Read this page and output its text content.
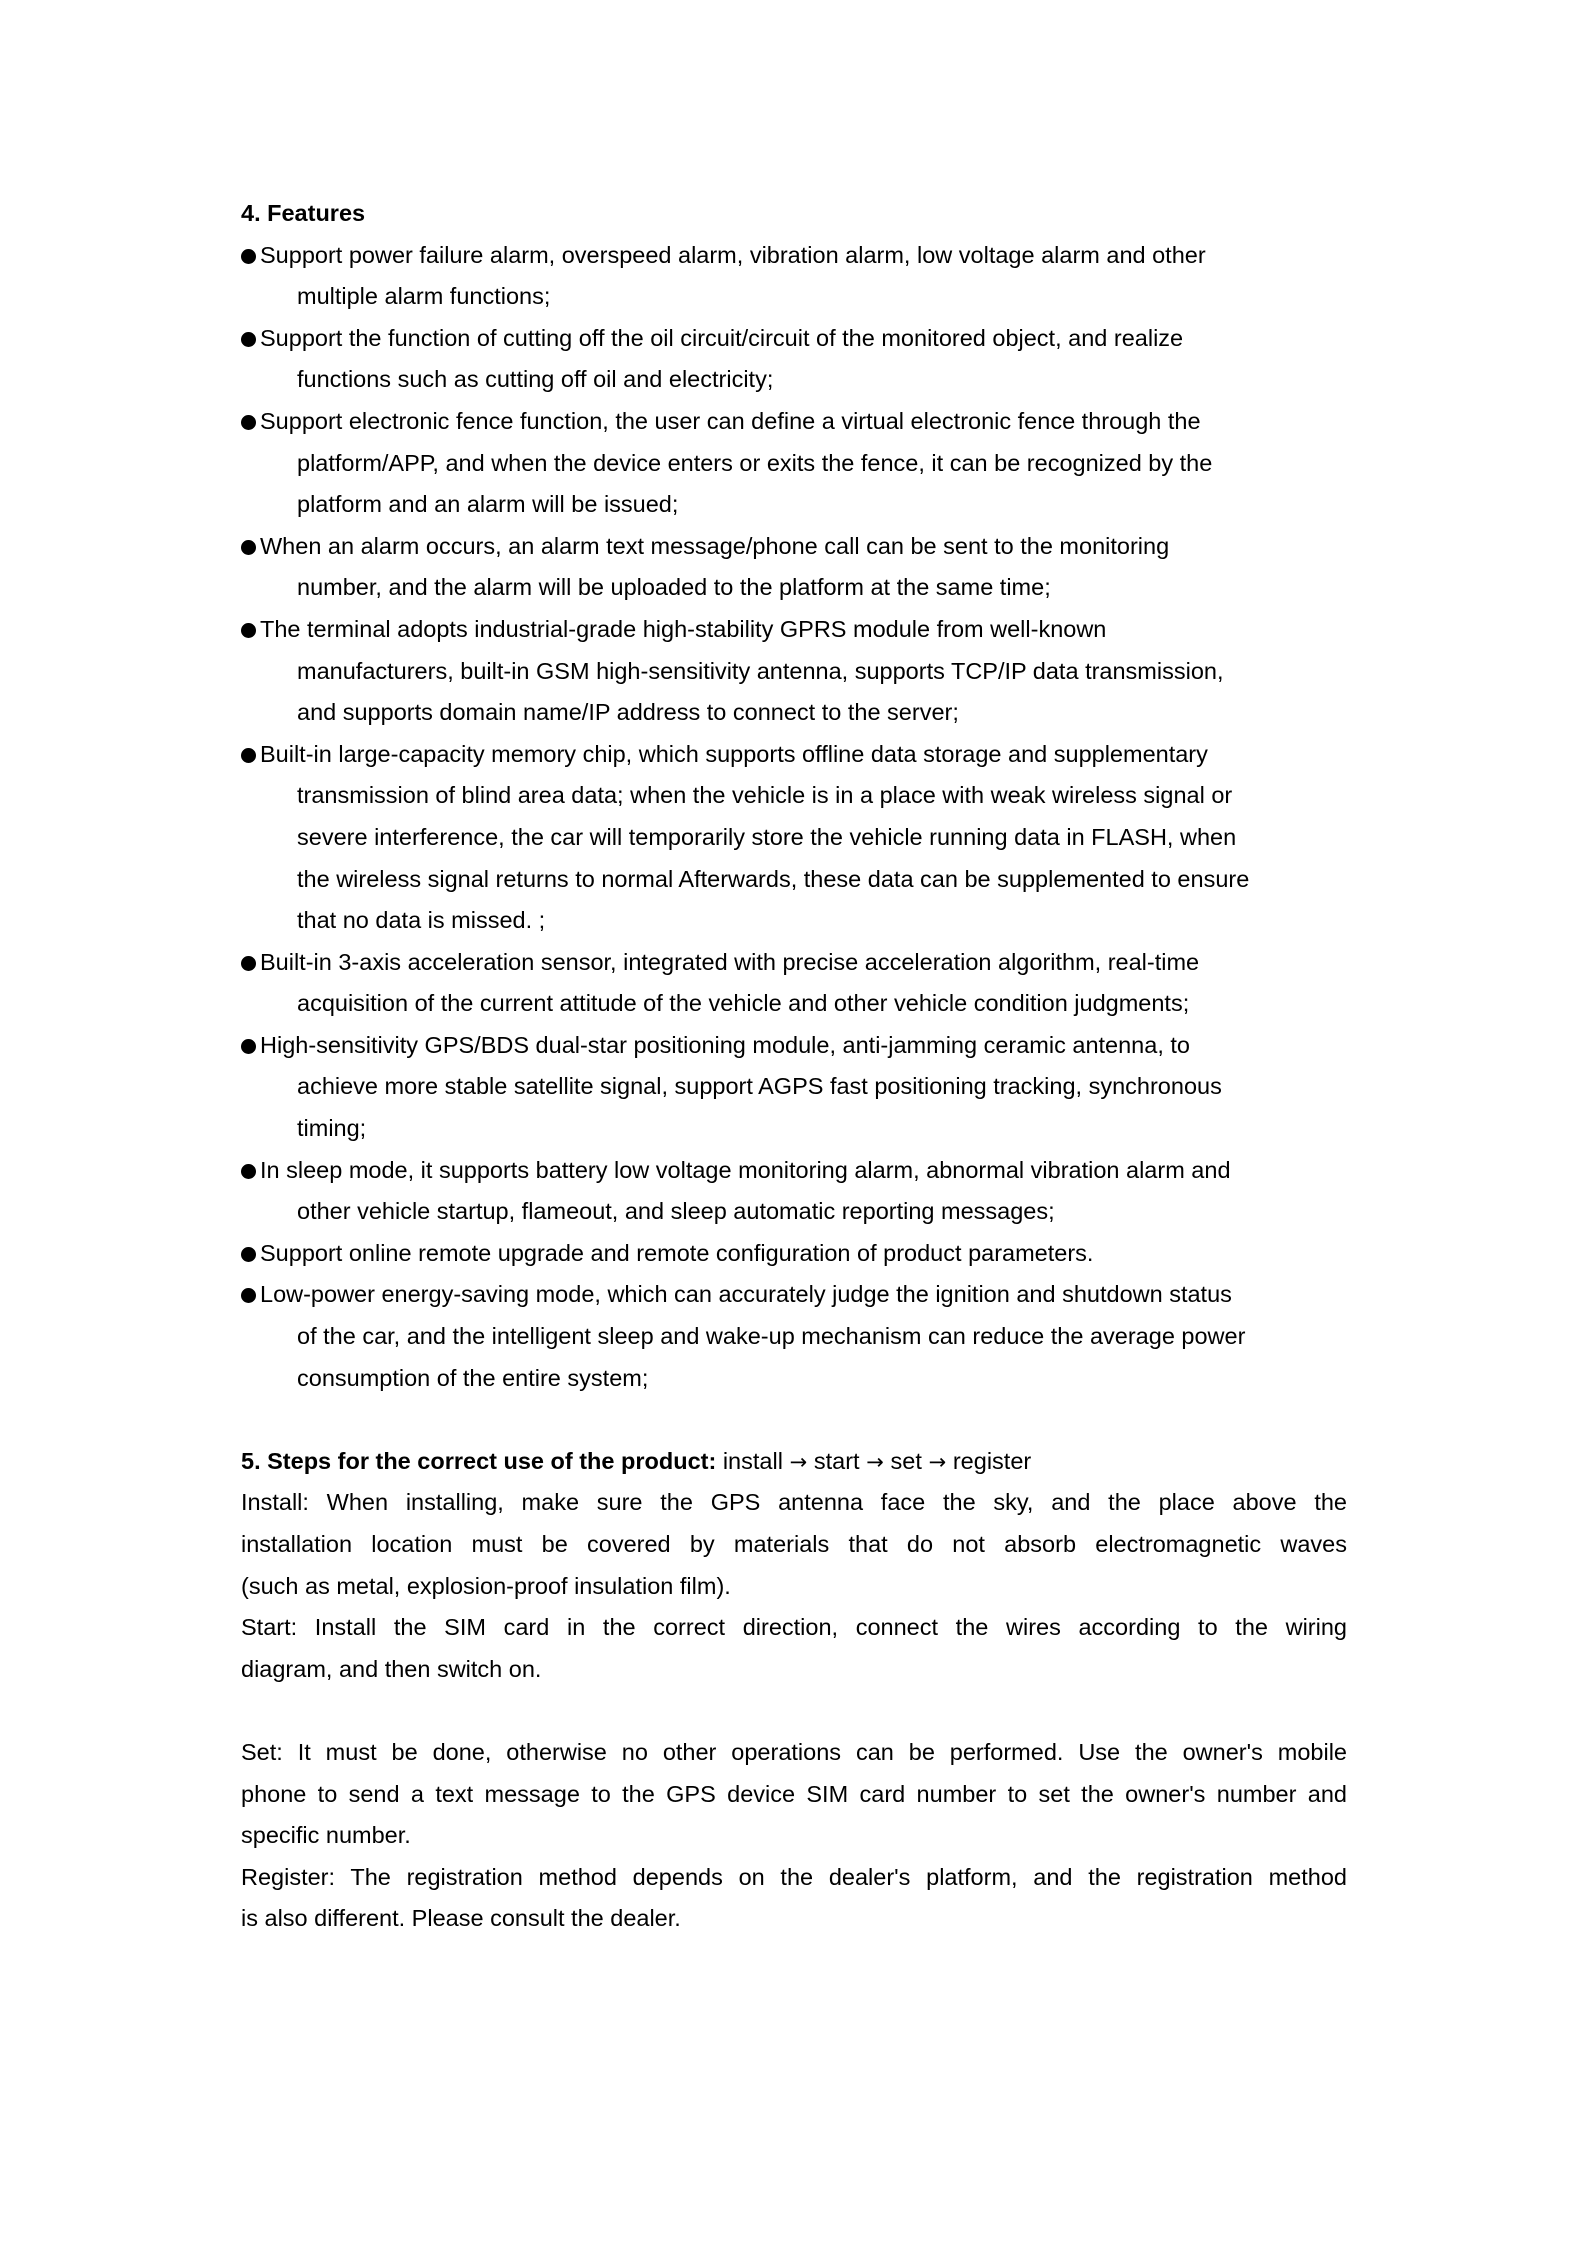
4. Features
Support power failure alarm, overspeed alarm, vibration alarm, low voltage alarm and other
multiple alarm functions;
Support the function of cutting off the oil circuit/circuit of the monitored object, and realize
functions such as cutting off oil and electricity;
Support electronic fence function, the user can define a virtual electronic fence through the
platform/APP, and when the device enters or exits the fence, it can be recognized by the
platform and an alarm will be issued;
When an alarm occurs, an alarm text message/phone call can be sent to the monitoring
number, and the alarm will be uploaded to the platform at the same time;
The terminal adopts industrial-grade high-stability GPRS module from well-known
manufacturers, built-in GSM high-sensitivity antenna, supports TCP/IP data transmission,
and supports domain name/IP address to connect to the server;
Built-in large-capacity memory chip, which supports offline data storage and supplementary
transmission of blind area data; when the vehicle is in a place with weak wireless signal or
severe interference, the car will temporarily store the vehicle running data in FLASH, when
the wireless signal returns to normal Afterwards, these data can be supplemented to ensure
that no data is missed. ;
Built-in 3-axis acceleration sensor, integrated with precise acceleration algorithm, real-time
acquisition of the current attitude of the vehicle and other vehicle condition judgments;
High-sensitivity GPS/BDS dual-star positioning module, anti-jamming ceramic antenna, to
achieve more stable satellite signal, support AGPS fast positioning tracking, synchronous
timing;
In sleep mode, it supports battery low voltage monitoring alarm, abnormal vibration alarm and
other vehicle startup, flameout, and sleep automatic reporting messages;
Support online remote upgrade and remote configuration of product parameters.
Low-power energy-saving mode, which can accurately judge the ignition and shutdown status
of the car, and the intelligent sleep and wake-up mechanism can reduce the average power
consumption of the entire system;
5. Steps for the correct use of the product: install → start → set → register
Install: When installing, make sure the GPS antenna face the sky, and the place above the
installation location must be covered by materials that do not absorb electromagnetic waves
(such as metal, explosion-proof insulation film).
Start: Install the SIM card in the correct direction, connect the wires according to the wiring
diagram, and then switch on.
Set: It must be done, otherwise no other operations can be performed. Use the owner's mobile
phone to send a text message to the GPS device SIM card number to set the owner's number and
specific number.
Register: The registration method depends on the dealer's platform, and the registration method
is also different. Please consult the dealer.
